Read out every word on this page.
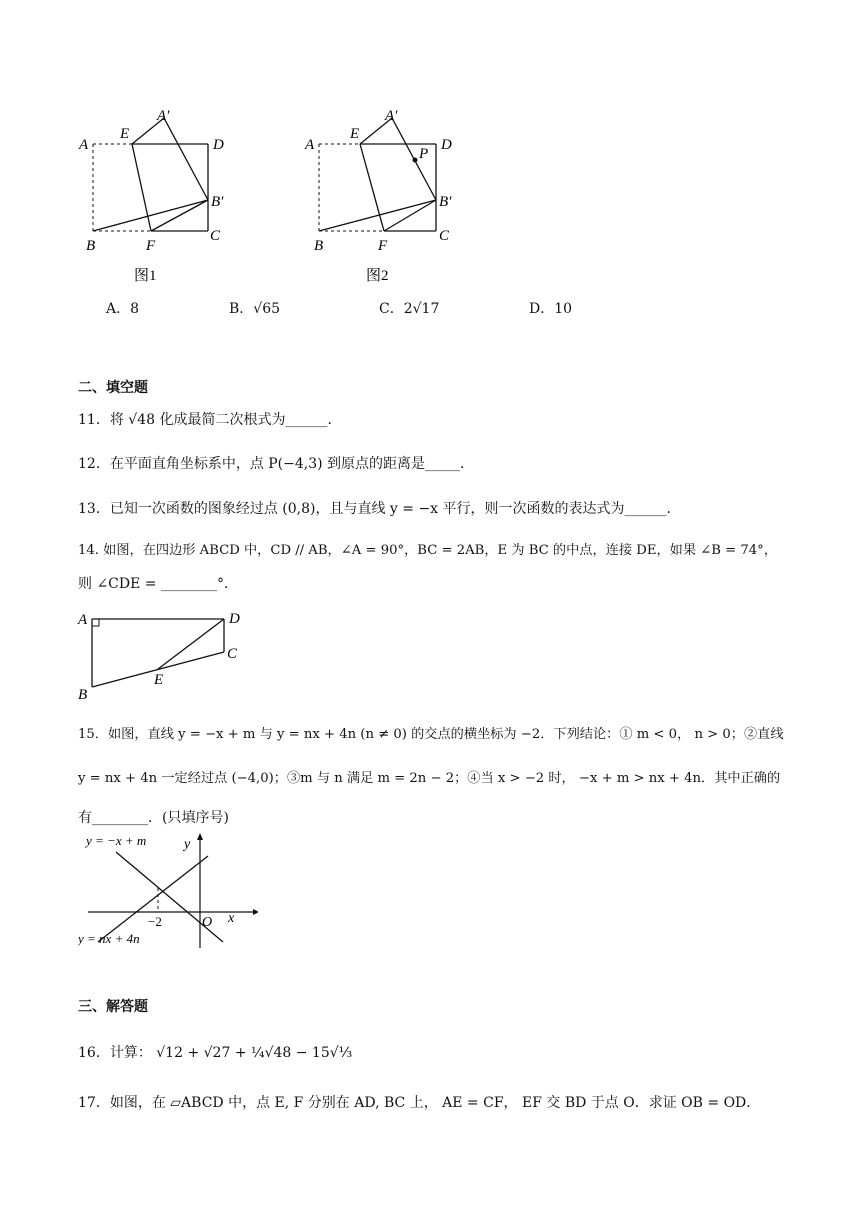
A
A′
E
D
B′
B	F
C
图1
A
A′
E
P
D
B′
B	F
C
图2
A．8	B．√65	C．2√17	D．10
二、填空题
11．将 √48 化成最简二次根式为______．
12．在平面直角坐标系中，点 P(−4,3) 到原点的距离是_____．
13．已知一次函数的图象经过点 (0,8)，且与直线 y = −x 平行，则一次函数的表达式为______．
14. 如图，在四边形 ABCD 中，CD // AB，∠A = 90°，BC = 2AB，E 为 BC 的中点，连接 DE，如果 ∠B = 74°，
则 ∠CDE = ________°．
A	D
C
B
E
15．如图，直线 y = −x + m 与 y = nx + 4n (n ≠ 0) 的交点的横坐标为 −2．下列结论：① m < 0， n > 0；②直线
y = nx + 4n 一定经过点 (−4,0)；③m 与 n 满足 m = 2n − 2；④当 x > −2 时， −x + m > nx + 4n．其中正确的
有________．(只填序号)
y = −x + m
y = nx + 4n
y
x
O
−2
三、解答题
16．计算： √12 + √27 + ¼√48 − 15√⅓
17．如图，在 ▱ABCD 中，点 E, F 分别在 AD, BC 上， AE = CF， EF 交 BD 于点 O．求证 OB = OD．
